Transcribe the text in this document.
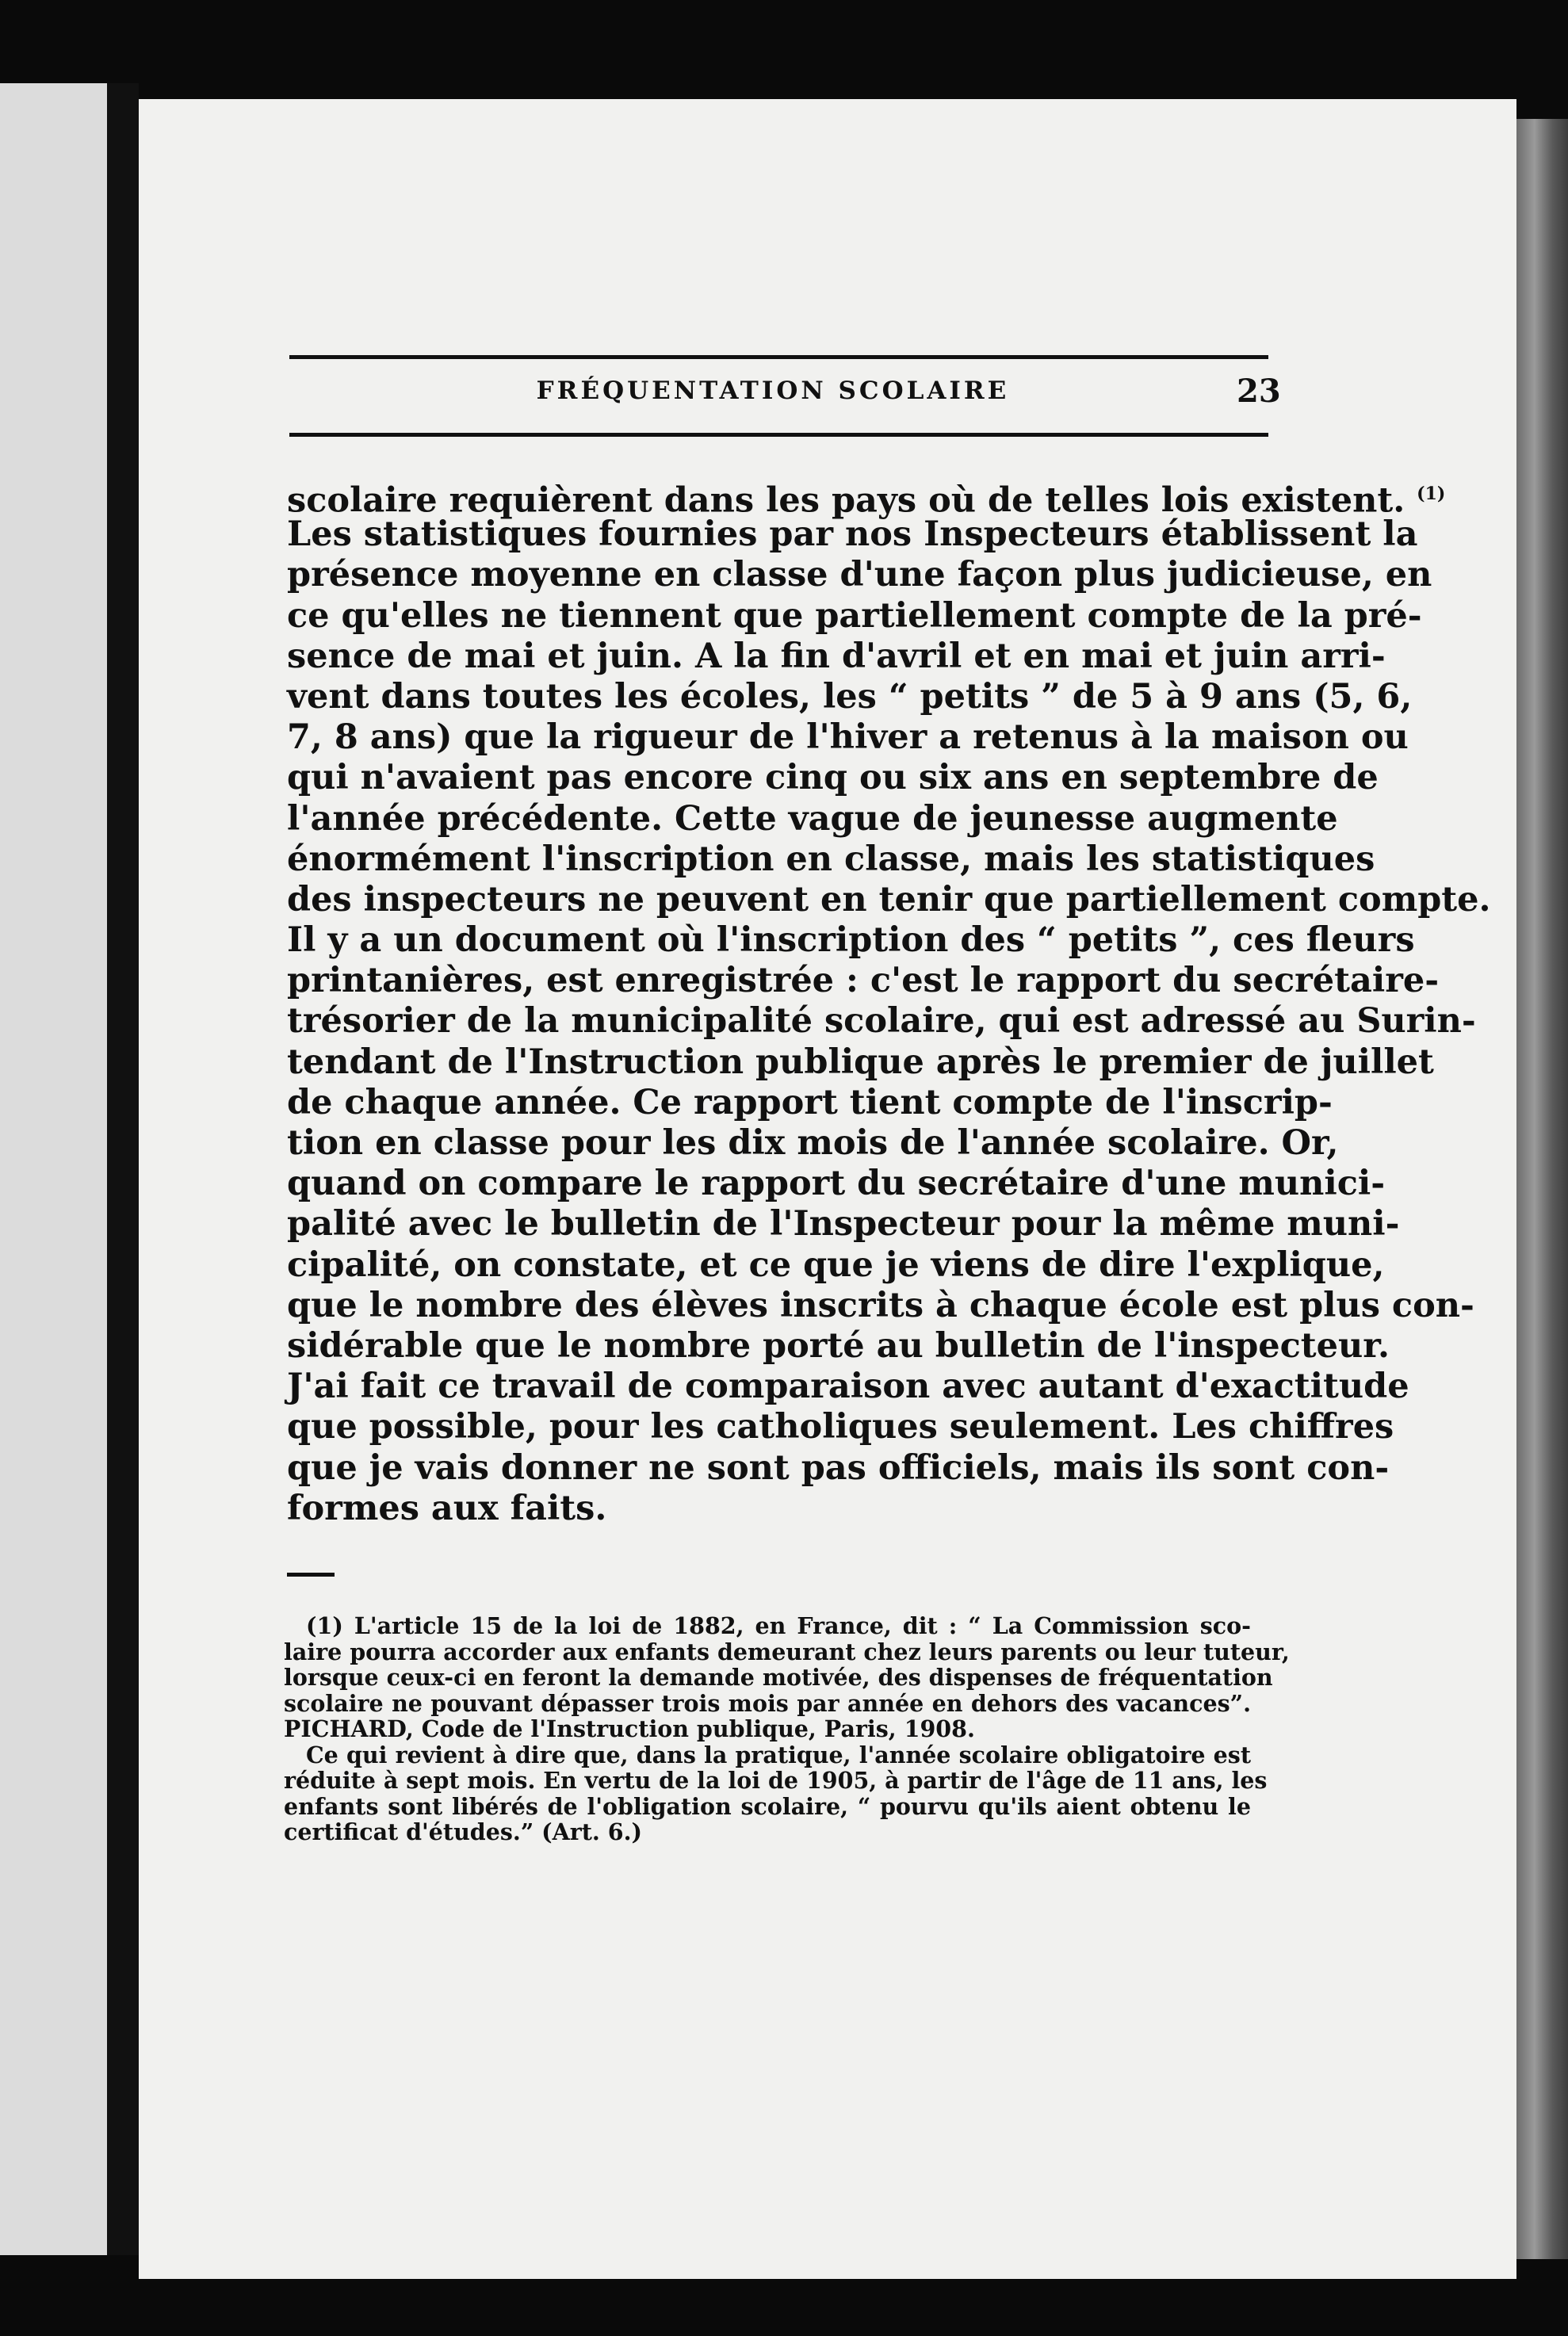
FRÉQUENTATION SCOLAIRE	23
scolaire requièrent dans les pays où de telles lois existent. $^{(1)}$
Les statistiques fournies par nos Inspecteurs établissent la
présence moyenne en classe d'une façon plus judicieuse, en
ce qu'elles ne tiennent que partiellement compte de la pré-
sence de mai et juin. A la fin d'avril et en mai et juin arri-
vent dans toutes les écoles, les “ petits ” de 5 à 9 ans (5, 6,
7, 8 ans) que la rigueur de l'hiver a retenus à la maison ou
qui n'avaient pas encore cinq ou six ans en septembre de
l'année précédente. Cette vague de jeunesse augmente
énormément l'inscription en classe, mais les statistiques
des inspecteurs ne peuvent en tenir que partiellement compte.
Il y a un document où l'inscription des “ petits ”, ces fleurs
printanières, est enregistrée : c'est le rapport du secrétaire-
trésorier de la municipalité scolaire, qui est adressé au Surin-
tendant de l'Instruction publique après le premier de juillet
de chaque année. Ce rapport tient compte de l'inscrip-
tion en classe pour les dix mois de l'année scolaire. Or,
quand on compare le rapport du secrétaire d'une munici-
palité avec le bulletin de l'Inspecteur pour la même muni-
cipalité, on constate, et ce que je viens de dire l'explique,
que le nombre des élèves inscrits à chaque école est plus con-
sidérable que le nombre porté au bulletin de l'inspecteur.
J'ai fait ce travail de comparaison avec autant d'exactitude
que possible, pour les catholiques seulement. Les chiffres
que je vais donner ne sont pas officiels, mais ils sont con-
formes aux faits.
(1) L'article 15 de la loi de 1882, en France, dit : “ La Commission sco-
laire pourra accorder aux enfants demeurant chez leurs parents ou leur tuteur,
lorsque ceux-ci en feront la demande motivée, des dispenses de fréquentation
scolaire ne pouvant dépasser trois mois par année en dehors des vacances”.
PICHARD, Code de l'Instruction publique, Paris, 1908.
Ce qui revient à dire que, dans la pratique, l'année scolaire obligatoire est
réduite à sept mois. En vertu de la loi de 1905, à partir de l'âge de 11 ans, les
enfants sont libérés de l'obligation scolaire, “ pourvu qu'ils aient obtenu le
certificat d'études.” (Art. 6.)
